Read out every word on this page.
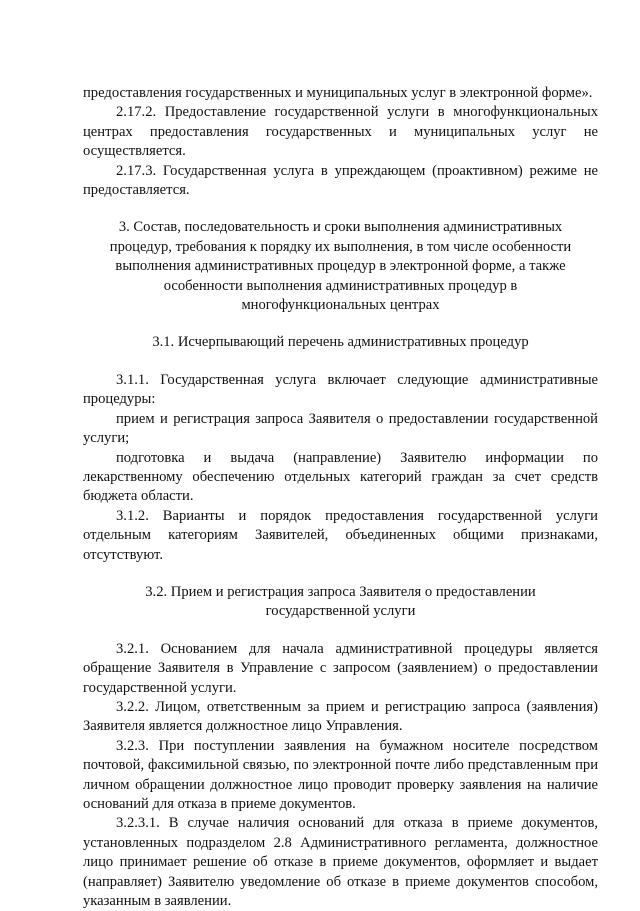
предоставления государственных и муниципальных услуг в электронной форме».

2.17.2. Предоставление государственной услуги в многофункциональных центрах предоставления государственных и муниципальных услуг не осуществляется.

2.17.3. Государственная услуга в упреждающем (проактивном) режиме не предоставляется.

3. Состав, последовательность и сроки выполнения административных процедур, требования к порядку их выполнения, в том числе особенности выполнения административных процедур в электронной форме, а также особенности выполнения административных процедур в многофункциональных центрах
3.1. Исчерпывающий перечень административных процедур

3.1.1. Государственная услуга включает следующие административные процедуры:

прием и регистрация запроса Заявителя о предоставлении государственной услуги;

подготовка и выдача (направление) Заявителю информации по лекарственному обеспечению отдельных категорий граждан за счет средств бюджета области.

3.1.2. Варианты и порядок предоставления государственной услуги отдельным категориям Заявителей, объединенных общими признаками, отсутствуют.

3.2. Прием и регистрация запроса Заявителя о предоставлении государственной услуги

3.2.1. Основанием для начала административной процедуры является обращение Заявителя в Управление с запросом (заявлением) о предоставлении государственной услуги.

3.2.2. Лицом, ответственным за прием и регистрацию запроса (заявления) Заявителя является должностное лицо Управления.

3.2.3. При поступлении заявления на бумажном носителе посредством почтовой, факсимильной связью, по электронной почте либо представленным при личном обращении должностное лицо проводит проверку заявления на наличие оснований для отказа в приеме документов.

3.2.3.1. В случае наличия оснований для отказа в приеме документов, установленных подразделом 2.8 Административного регламента, должностное лицо принимает решение об отказе в приеме документов, оформляет и выдает (направляет) Заявителю уведомление об отказе в приеме документов способом, указанным в заявлении.
